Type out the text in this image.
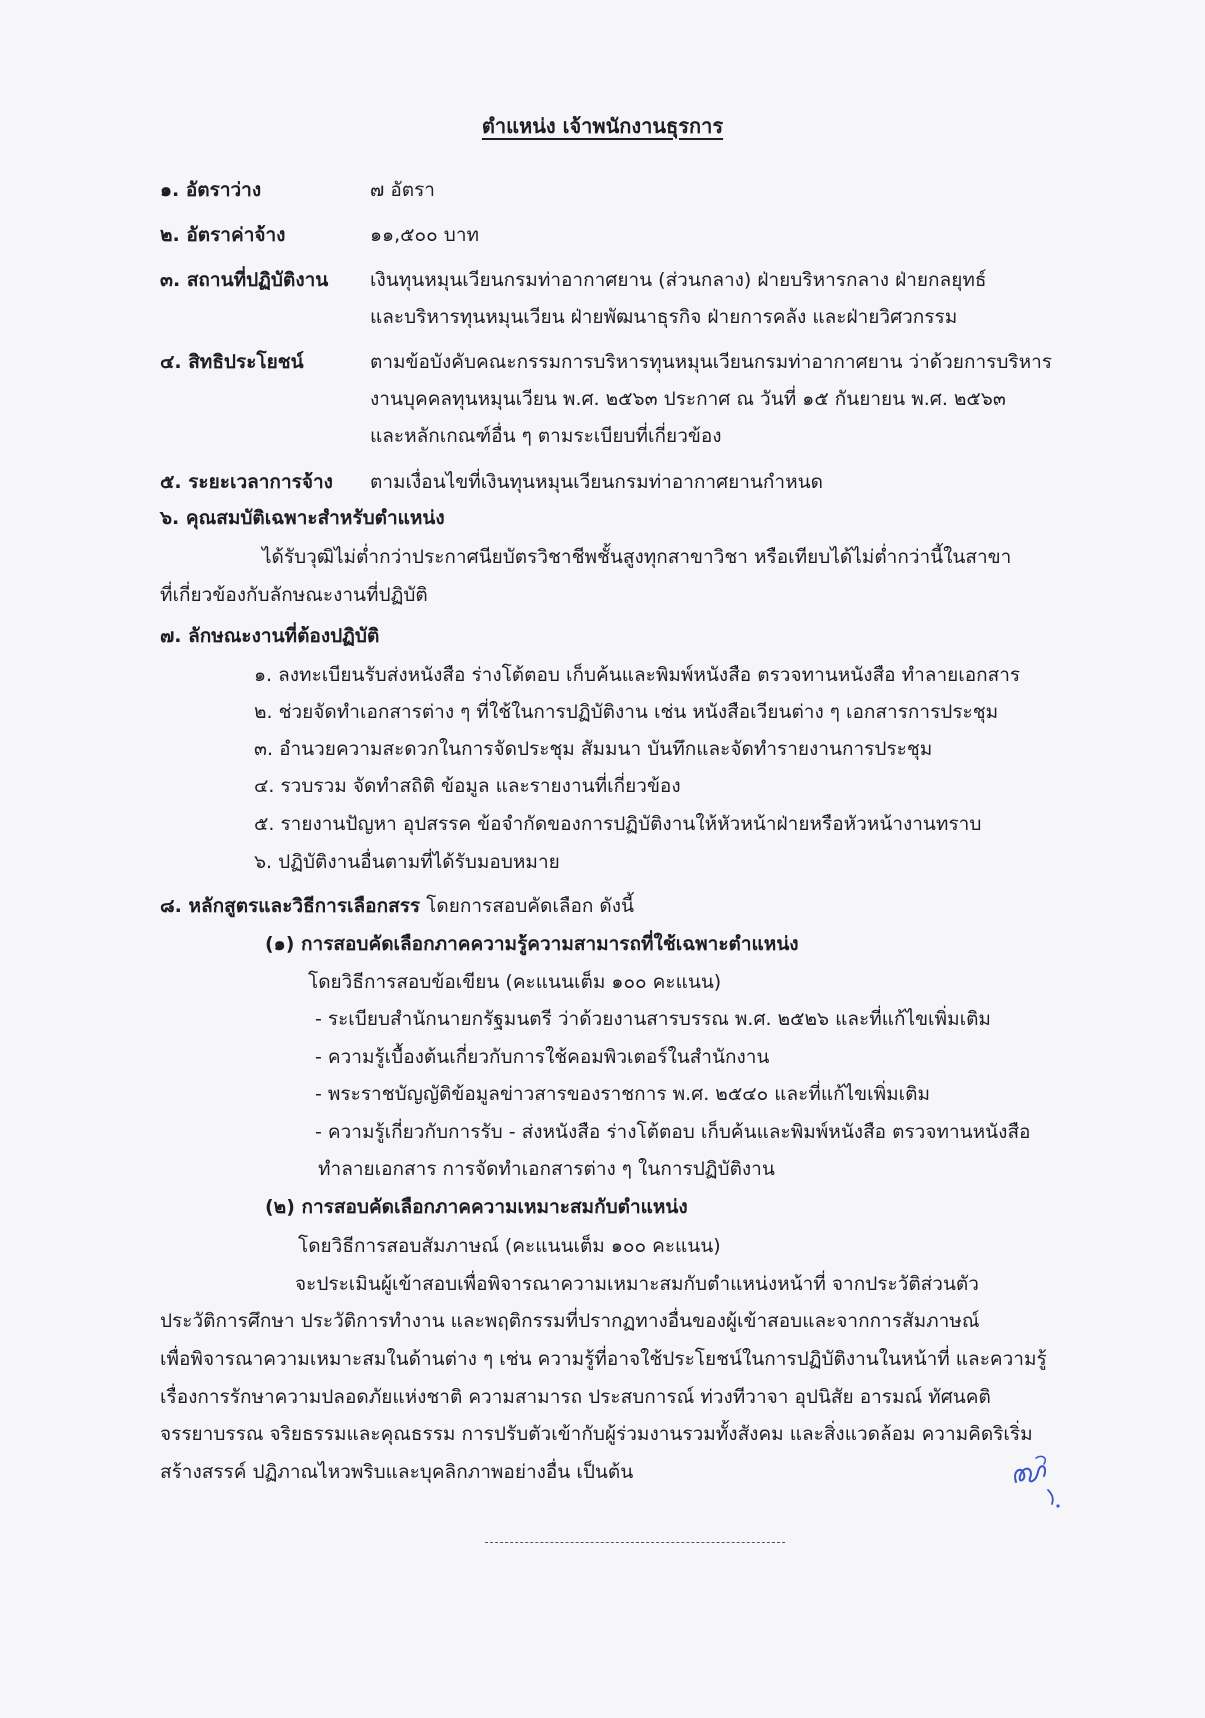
ตำแหน่ง เจ้าพนักงานธุรการ
๑. อัตราว่าง	๗ อัตรา
๒. อัตราค่าจ้าง	๑๑,๕๐๐ บาท
๓. สถานที่ปฏิบัติงาน เงินทุนหมุนเวียนกรมท่าอากาศยาน (ส่วนกลาง) ฝ่ายบริหารกลาง ฝ่ายกลยุทธ์
และบริหารทุนหมุนเวียน ฝ่ายพัฒนาธุรกิจ ฝ่ายการคลัง และฝ่ายวิศวกรรม
๔. สิทธิประโยชน์	ตามข้อบังคับคณะกรรมการบริหารทุนหมุนเวียนกรมท่าอากาศยาน ว่าด้วยการบริหาร
งานบุคคลทุนหมุนเวียน พ.ศ. ๒๕๖๓ ประกาศ ณ วันที่ ๑๕ กันยายน พ.ศ. ๒๕๖๓
และหลักเกณฑ์อื่น ๆ ตามระเบียบที่เกี่ยวข้อง
๕. ระยะเวลาการจ้าง ตามเงื่อนไขที่เงินทุนหมุนเวียนกรมท่าอากาศยานกำหนด
๖. คุณสมบัติเฉพาะสำหรับตำแหน่ง
ได้รับวุฒิไม่ต่ำกว่าประกาศนียบัตรวิชาชีพชั้นสูงทุกสาขาวิชา หรือเทียบได้ไม่ต่ำกว่านี้ในสาขา
ที่เกี่ยวข้องกับลักษณะงานที่ปฏิบัติ
๗. ลักษณะงานที่ต้องปฏิบัติ
๑. ลงทะเบียนรับส่งหนังสือ ร่างโต้ตอบ เก็บค้นและพิมพ์หนังสือ ตรวจทานหนังสือ ทำลายเอกสาร
๒. ช่วยจัดทำเอกสารต่าง ๆ ที่ใช้ในการปฏิบัติงาน เช่น หนังสือเวียนต่าง ๆ เอกสารการประชุม
๓. อำนวยความสะดวกในการจัดประชุม สัมมนา บันทึกและจัดทำรายงานการประชุม
๔. รวบรวม จัดทำสถิติ ข้อมูล และรายงานที่เกี่ยวข้อง
๕. รายงานปัญหา อุปสรรค ข้อจำกัดของการปฏิบัติงานให้หัวหน้าฝ่ายหรือหัวหน้างานทราบ
๖. ปฏิบัติงานอื่นตามที่ได้รับมอบหมาย
๘. หลักสูตรและวิธีการเลือกสรร โดยการสอบคัดเลือก ดังนี้
(๑) การสอบคัดเลือกภาคความรู้ความสามารถที่ใช้เฉพาะตำแหน่ง
โดยวิธีการสอบข้อเขียน (คะแนนเต็ม ๑๐๐ คะแนน)
- ระเบียบสำนักนายกรัฐมนตรี ว่าด้วยงานสารบรรณ พ.ศ. ๒๕๒๖ และที่แก้ไขเพิ่มเติม
- ความรู้เบื้องต้นเกี่ยวกับการใช้คอมพิวเตอร์ในสำนักงาน
- พระราชบัญญัติข้อมูลข่าวสารของราชการ พ.ศ. ๒๕๔๐ และที่แก้ไขเพิ่มเติม
- ความรู้เกี่ยวกับการรับ - ส่งหนังสือ ร่างโต้ตอบ เก็บค้นและพิมพ์หนังสือ ตรวจทานหนังสือ
ทำลายเอกสาร การจัดทำเอกสารต่าง ๆ ในการปฏิบัติงาน
(๒) การสอบคัดเลือกภาคความเหมาะสมกับตำแหน่ง
โดยวิธีการสอบสัมภาษณ์ (คะแนนเต็ม ๑๐๐ คะแนน)
จะประเมินผู้เข้าสอบเพื่อพิจารณาความเหมาะสมกับตำแหน่งหน้าที่ จากประวัติส่วนตัว
ประวัติการศึกษา ประวัติการทำงาน และพฤติกรรมที่ปรากฏทางอื่นของผู้เข้าสอบและจากการสัมภาษณ์
เพื่อพิจารณาความเหมาะสมในด้านต่าง ๆ เช่น ความรู้ที่อาจใช้ประโยชน์ในการปฏิบัติงานในหน้าที่ และความรู้
เรื่องการรักษาความปลอดภัยแห่งชาติ ความสามารถ ประสบการณ์ ท่วงทีวาจา อุปนิสัย อารมณ์ ทัศนคติ
จรรยาบรรณ จริยธรรมและคุณธรรม การปรับตัวเข้ากับผู้ร่วมงานรวมทั้งสังคม และสิ่งแวดล้อม ความคิดริเริ่ม
สร้างสรรค์ ปฏิภาณไหวพริบและบุคลิกภาพอย่างอื่น เป็นต้น
